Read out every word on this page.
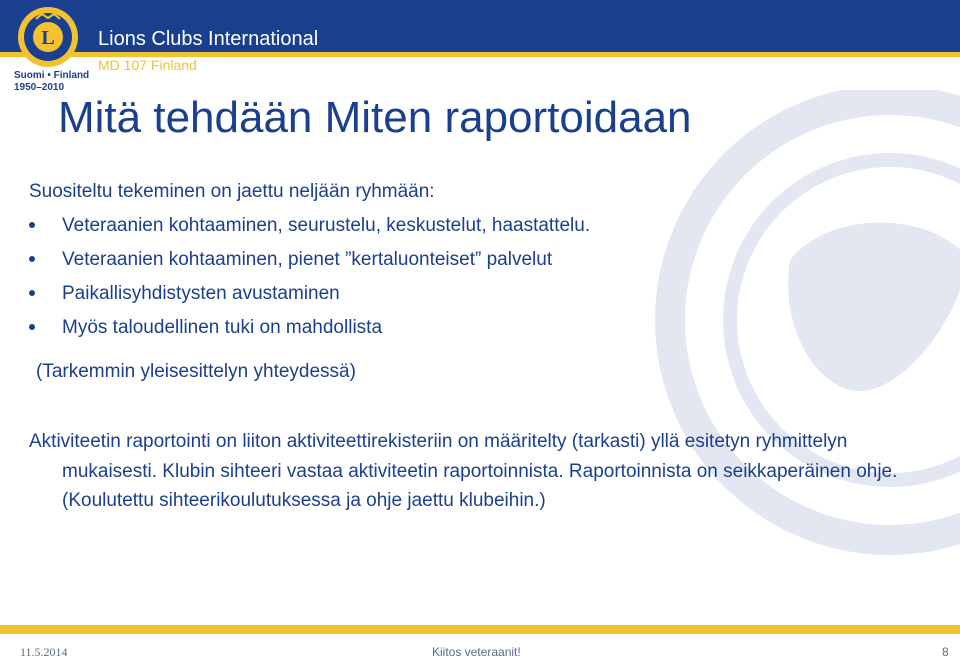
Lions Clubs International
MD 107 Finland
L
Suomi • Finland
1950–2010
Mitä tehdään Miten raportoidaan
Suositeltu tekeminen on jaettu neljään ryhmään:
Veteraanien kohtaaminen, seurustelu, keskustelut, haastattelu.
Veteraanien kohtaaminen, pienet ”kertaluonteiset” palvelut
Paikallisyhdistysten avustaminen
Myös taloudellinen tuki on mahdollista
(Tarkemmin yleisesittelyn yhteydessä)
Aktiviteetin raportointi on liiton aktiviteettirekisteriin on määritelty (tarkasti) yllä esitetyn ryhmittelyn mukaisesti. Klubin sihteeri vastaa aktiviteetin raportoinnista. Raportoinnista on seikkaperäinen ohje. (Koulutettu sihteerikoulutuksessa ja ohje jaettu klubeihin.)
11.5.2014	Kiitos veteraanit!	8
